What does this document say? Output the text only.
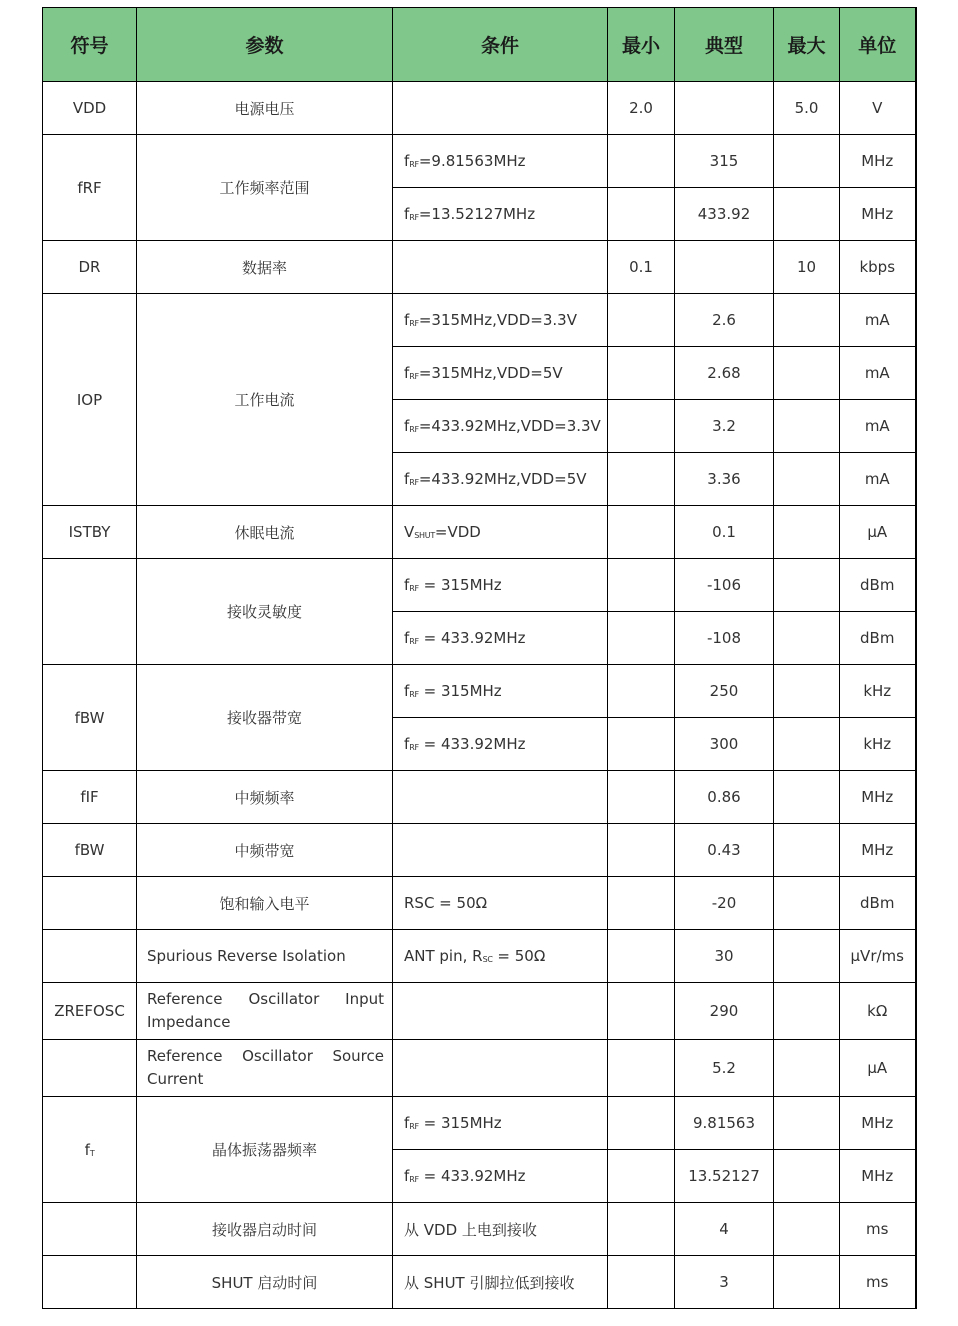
符号	参数	条件	最小	典型	最大	单位
VDD	电源电压		2.0		5.0	V
fRF	工作频率范围	$f_{RF}=9.81563MHz$		315		MHz
		$f_{RF}=13.52127MHz$		433.92		MHz
DR	数据率		0.1		10	kbps
IOP	工作电流	$f_{RF}=315MHz,VDD=3.3V$		2.6		mA
		$f_{RF}=315MHz,VDD=5V$		2.68		mA
		$f_{RF}=433.92MHz,VDD=3.3V$		3.2		mA
		$f_{RF}=433.92MHz,VDD=5V$		3.36		mA
ISTBY	休眠电流	$V_{SHUT}=VDD$		0.1		µA
	接收灵敏度	$f_{RF} = 315MHz$		-106		dBm
		$f_{RF} = 433.92MHz$		-108		dBm
fBW	接收器带宽	$f_{RF} = 315MHz$		250		kHz
		$f_{RF} = 433.92MHz$		300		kHz
fIF	中频频率			0.86		MHz
fBW	中频带宽			0.43		MHz
	饱和输入电平	RSC = 50Ω		-20		dBm
	Spurious Reverse Isolation	ANT pin, $R_{SC} = 50\Omega$		30		µVr/ms
ZREFOSC	Reference Oscillator Input Impedance			290		kΩ
	Reference Oscillator Source Current			5.2		µA
$f_T$	晶体振荡器频率	$f_{RF} = 315MHz$		9.81563		MHz
		$f_{RF} = 433.92MHz$		13.52127		MHz
	接收器启动时间	从 VDD 上电到接收		4		ms
	SHUT 启动时间	从 SHUT 引脚拉低到接收		3		ms
